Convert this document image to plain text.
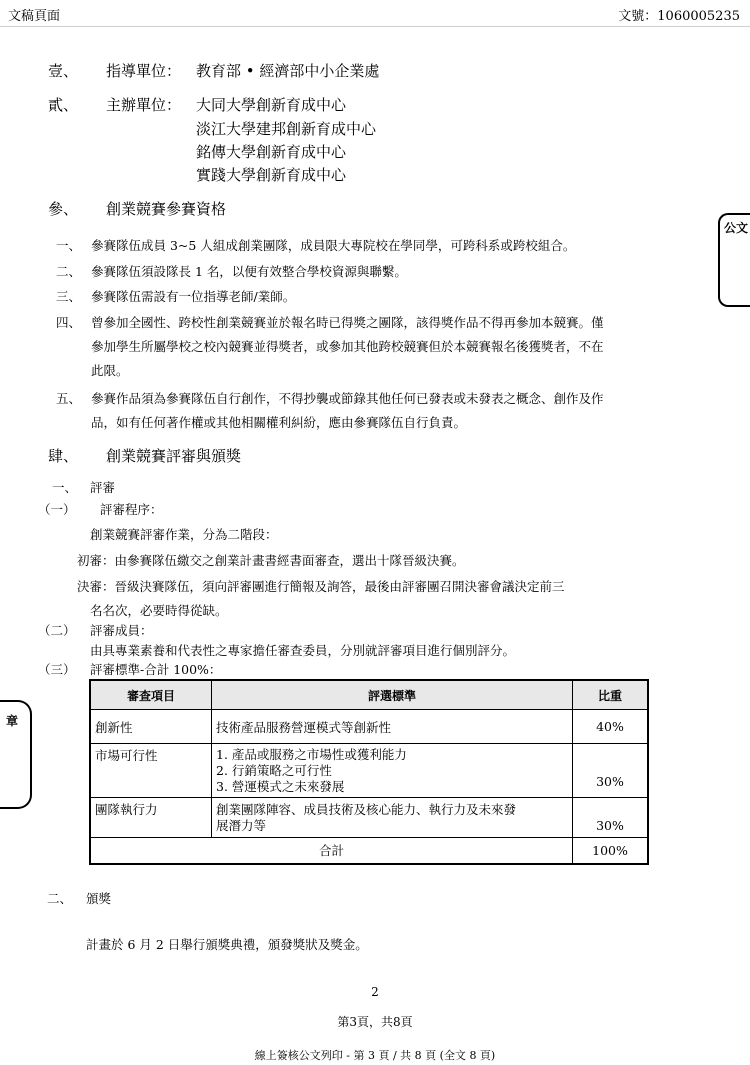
文稿頁面	文號：1060005235
壹、 指導單位： 教育部 • 經濟部中小企業處
貳、 主辦單位： 大同大學創新育成中心
淡江大學建邦創新育成中心
銘傳大學創新育成中心
實踐大學創新育成中心
參、 創業競賽參賽資格
一、 參賽隊伍成員 3~5 人組成創業團隊，成員限大專院校在學同學，可跨科系或跨校組合。
二、 參賽隊伍須設隊長 1 名，以便有效整合學校資源與聯繫。
三、 參賽隊伍需設有一位指導老師/業師。
四、 曾參加全國性、跨校性創業競賽並於報名時已得獎之團隊，該得獎作品不得再參加本競賽。僅
參加學生所屬學校之校內競賽並得獎者，或參加其他跨校競賽但於本競賽報名後獲獎者，不在
此限。
五、 參賽作品須為參賽隊伍自行創作，不得抄襲或節錄其他任何已發表或未發表之概念、創作及作
品，如有任何著作權或其他相關權利糾紛，應由參賽隊伍自行負責。
肆、 創業競賽評審與頒獎
一、 評審
（一） 評審程序：
創業競賽評審作業，分為二階段：
初審：由參賽隊伍繳交之創業計畫書經書面審查，選出十隊晉級決賽。
決審：晉級決賽隊伍，須向評審團進行簡報及詢答，最後由評審團召開決審會議決定前三
名名次，必要時得從缺。
（二） 評審成員：
由具專業素養和代表性之專家擔任審查委員，分別就評審項目進行個別評分。
（三） 評審標準-合計 100%：
審查項目	評選標準	比重
創新性	技術產品服務營運模式等創新性	40%
市場可行性	1. 產品或服務之市場性或獲利能力
2. 行銷策略之可行性
3. 營運模式之未來發展	30%
團隊執行力	創業團隊陣容、成員技術及核心能力、執行力及未來發
展潛力等	30%
合計		100%
二、 頒獎
計畫於 6 月 2 日舉行頒獎典禮，頒發獎狀及獎金。
2
第3頁，共8頁
線上簽核公文列印 - 第 3 頁 / 共 8 頁 (全文 8 頁)
公文
章
